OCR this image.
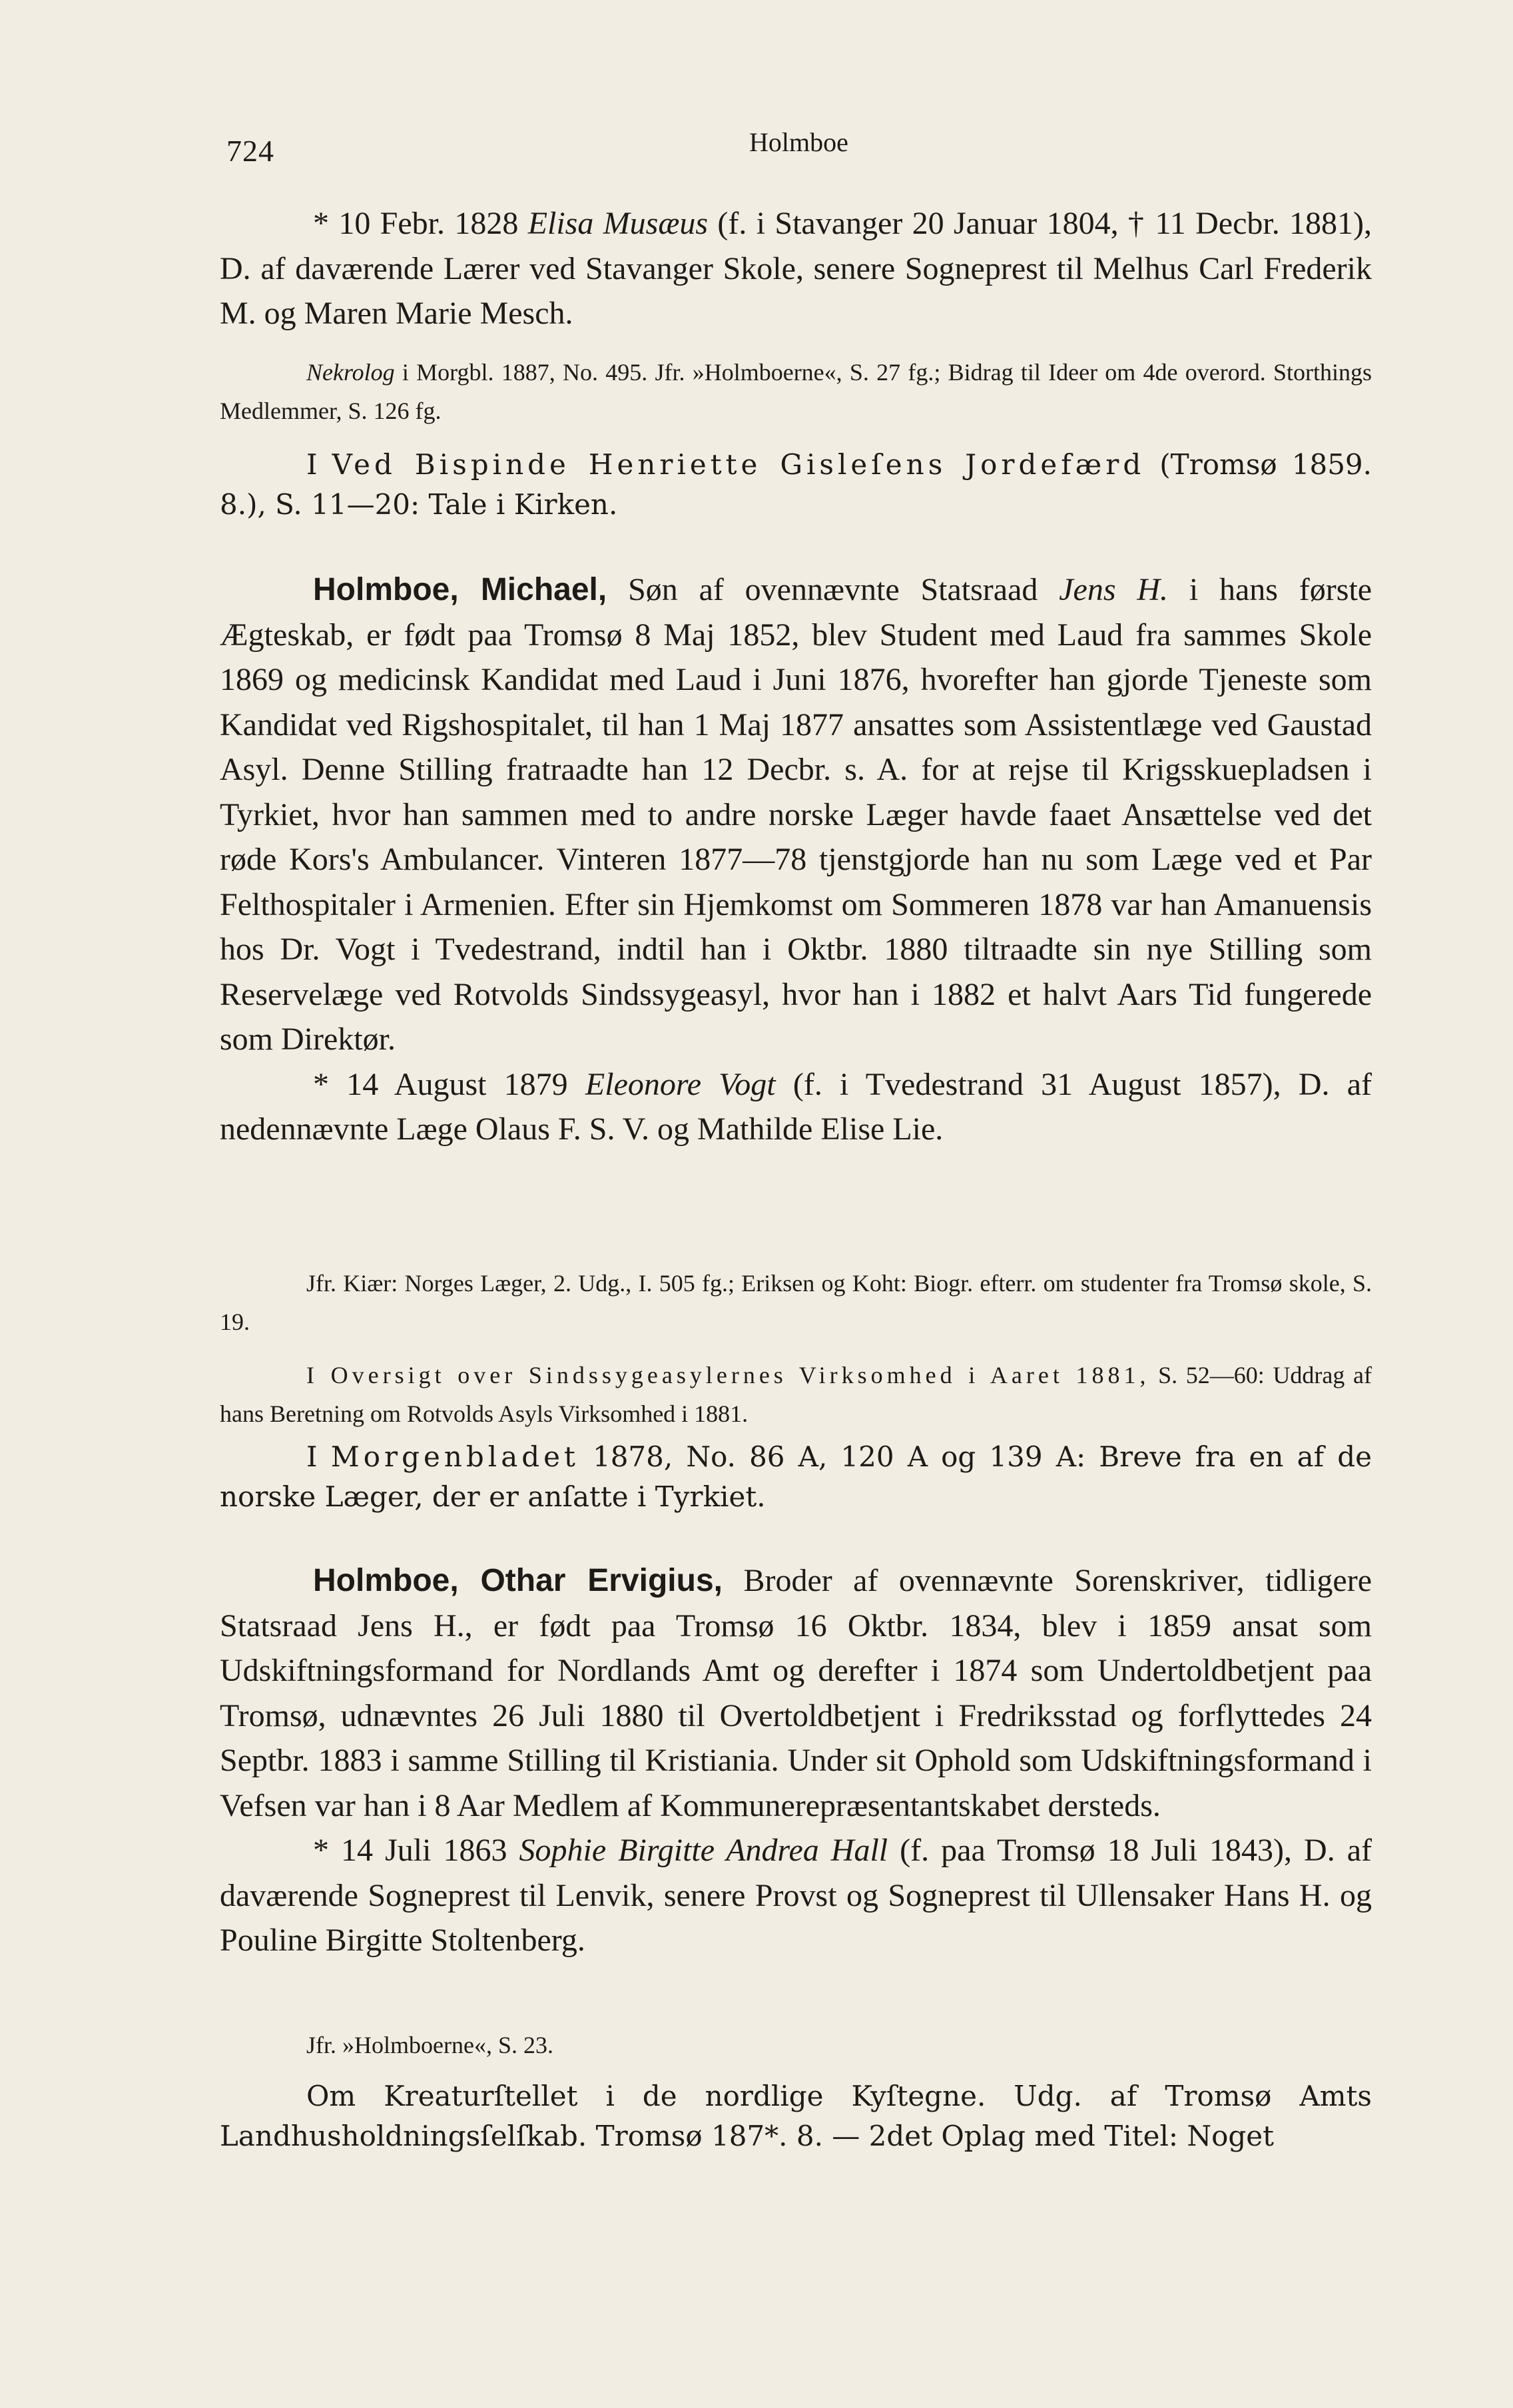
724	Holmboe

* 10 Febr. 1828 Elisa Musæus (f. i Stavanger 20 Januar 1804, † 11 Decbr. 1881), D. af daværende Lærer ved Stavanger Skole, senere Sogneprest til Melhus Carl Frederik M. og Maren Marie Mesch.

Nekrolog i Morgbl. 1887, No. 495. Jfr. »Holmboerne«, S. 27 fg.; Bidrag til Ideer om 4de overord. Storthings Medlemmer, S. 126 fg.

I Ved Bispinde Henriette Gisleſens Jordefærd (Tromsø 1859. 8.), S. 11—20: Tale i Kirken.

Holmboe, Michael, Søn af ovennævnte Statsraad Jens H. i hans første Ægteskab, er født paa Tromsø 8 Maj 1852, blev Student med Laud fra sammes Skole 1869 og medicinsk Kandidat med Laud i Juni 1876, hvorefter han gjorde Tjeneste som Kandidat ved Rigshospitalet, til han 1 Maj 1877 ansattes som Assistentlæge ved Gaustad Asyl. Denne Stilling fratraadte han 12 Decbr. s. A. for at rejse til Krigsskuepladsen i Tyrkiet, hvor han sammen med to andre norske Læger havde faaet Ansættelse ved det røde Kors's Ambulancer. Vinteren 1877—78 tjenstgjorde han nu som Læge ved et Par Felthospitaler i Armenien. Efter sin Hjemkomst om Sommeren 1878 var han Amanuensis hos Dr. Vogt i Tvedestrand, indtil han i Oktbr. 1880 tiltraadte sin nye Stilling som Reservelæge ved Rotvolds Sindssygeasyl, hvor han i 1882 et halvt Aars Tid fungerede som Direktør.

* 14 August 1879 Eleonore Vogt (f. i Tvedestrand 31 August 1857), D. af nedennævnte Læge Olaus F. S. V. og Mathilde Elise Lie.

Jfr. Kiær: Norges Læger, 2. Udg., I. 505 fg.; Eriksen og Koht: Biogr. efterr. om studenter fra Tromsø skole, S. 19.

I Oversigt over Sindssygeasylernes Virksomhed i Aaret 1881, S. 52—60: Uddrag af hans Beretning om Rotvolds Asyls Virksomhed i 1881.

I Morgenbladet 1878, No. 86 A, 120 A og 139 A: Breve fra en af de norske Læger, der er anſatte i Tyrkiet.

Holmboe, Othar Ervigius, Broder af ovennævnte Sorenskriver, tidligere Statsraad Jens H., er født paa Tromsø 16 Oktbr. 1834, blev i 1859 ansat som Udskiftningsformand for Nordlands Amt og derefter i 1874 som Undertoldbetjent paa Tromsø, udnævntes 26 Juli 1880 til Overtoldbetjent i Fredriksstad og forflyttedes 24 Septbr. 1883 i samme Stilling til Kristiania. Under sit Ophold som Udskiftningsformand i Vefsen var han i 8 Aar Medlem af Kommunerepræsentantskabet dersteds.

* 14 Juli 1863 Sophie Birgitte Andrea Hall (f. paa Tromsø 18 Juli 1843), D. af daværende Sogneprest til Lenvik, senere Provst og Sogneprest til Ullensaker Hans H. og Pouline Birgitte Stoltenberg.

Jfr. »Holmboerne«, S. 23.

Om Kreaturſtellet i de nordlige Kyſtegne. Udg. af Tromsø Amts Landhusholdningsſelſkab. Tromsø 187*. 8. — 2det Oplag med Titel: Noget
